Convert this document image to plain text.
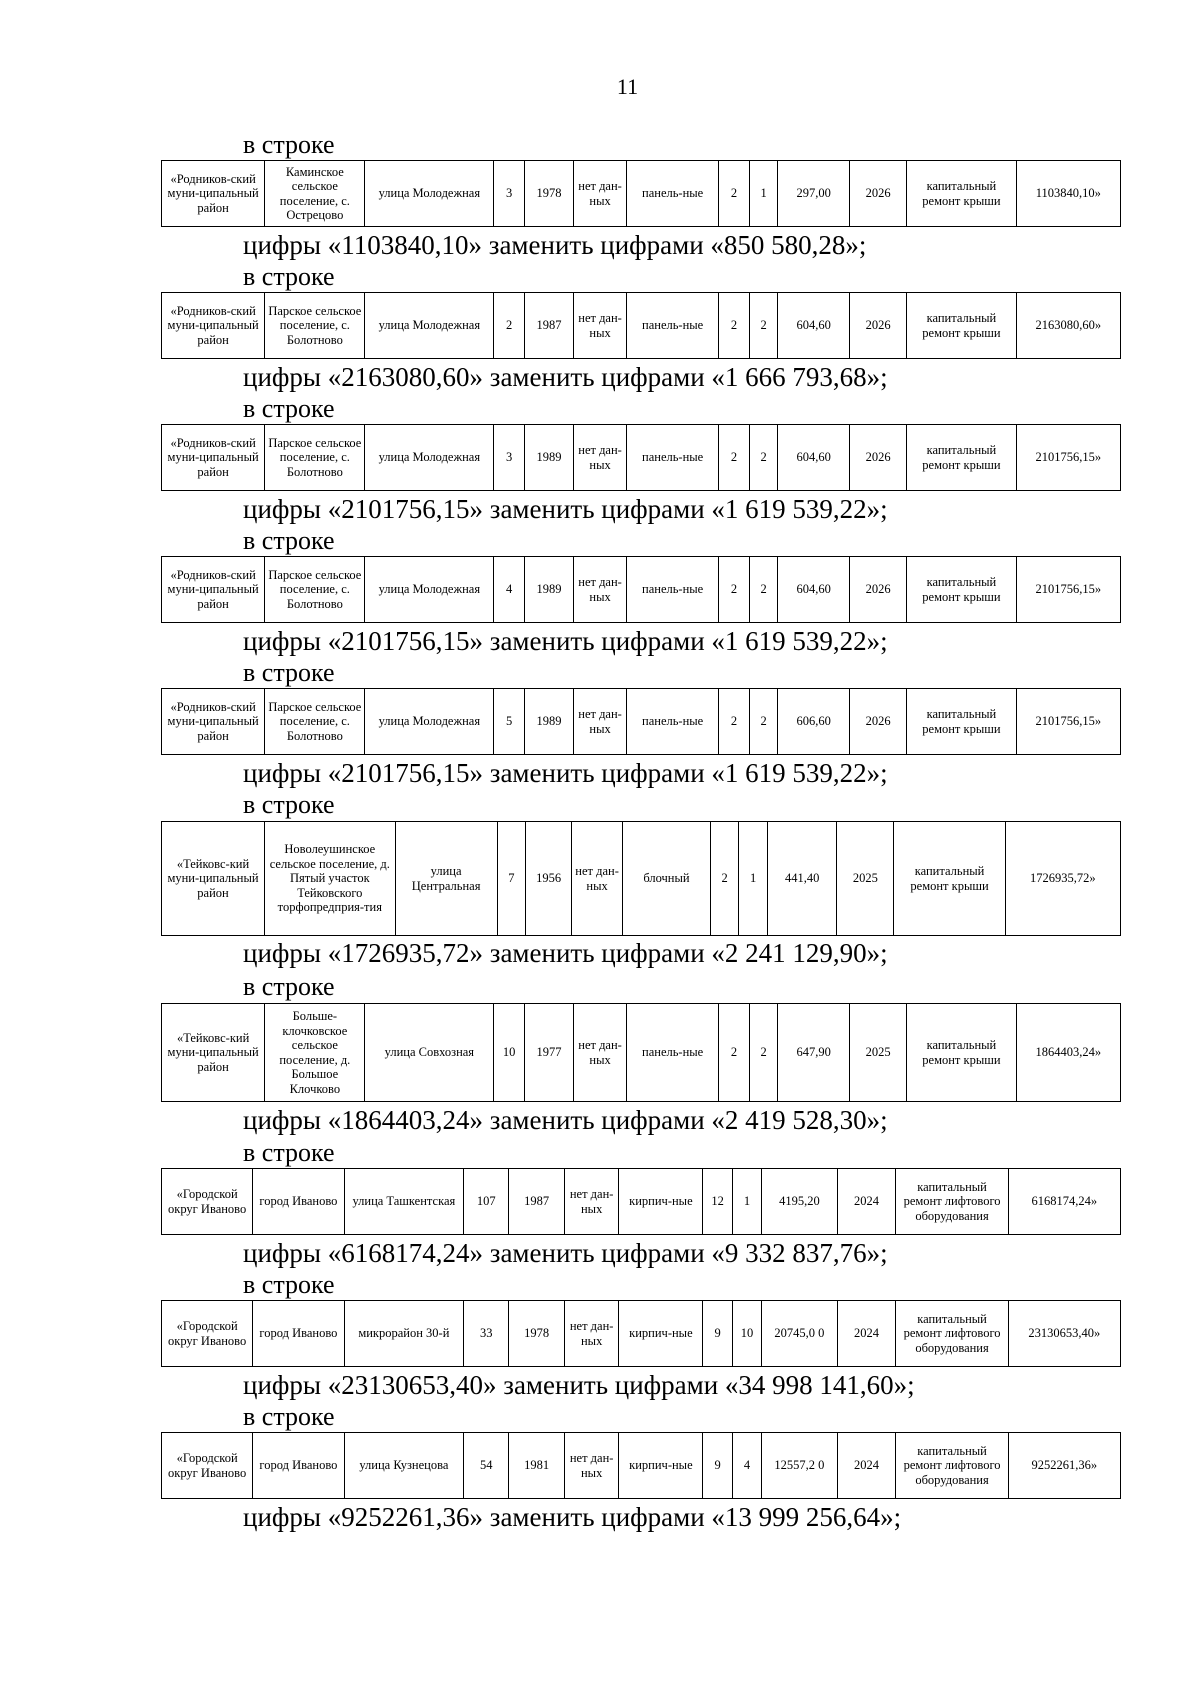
11
в строке
«Родников-ский муни-ципальный район	Каминское сельское поселение, с. Острецово	улица Молодежная	3	1978	нет дан-ных	панель-ные	2	1	297,00	2026	капитальный ремонт крыши	1103840,10»
цифры «1103840,10» заменить цифрами «850 580,28»;
в строке
«Родников-ский муни-ципальный район	Парское сельское поселение, с. Болотново	улица Молодежная	2	1987	нет дан-ных	панель-ные	2	2	604,60	2026	капитальный ремонт крыши	2163080,60»
цифры «2163080,60» заменить цифрами «1 666 793,68»;
в строке
«Родников-ский муни-ципальный район	Парское сельское поселение, с. Болотново	улица Молодежная	3	1989	нет дан-ных	панель-ные	2	2	604,60	2026	капитальный ремонт крыши	2101756,15»
цифры «2101756,15» заменить цифрами «1 619 539,22»;
в строке
«Родников-ский муни-ципальный район	Парское сельское поселение, с. Болотново	улица Молодежная	4	1989	нет дан-ных	панель-ные	2	2	604,60	2026	капитальный ремонт крыши	2101756,15»
цифры «2101756,15» заменить цифрами «1 619 539,22»;
в строке
«Родников-ский муни-ципальный район	Парское сельское поселение, с. Болотново	улица Молодежная	5	1989	нет дан-ных	панель-ные	2	2	606,60	2026	капитальный ремонт крыши	2101756,15»
цифры «2101756,15» заменить цифрами «1 619 539,22»;
в строке
«Тейковс-кий муни-ципальный район	Новолеушинское сельское поселение, д. Пятый участок Тейковского торфопредприя-тия	улица Центральная	7	1956	нет дан-ных	блочный	2	1	441,40	2025	капитальный ремонт крыши	1726935,72»
цифры «1726935,72» заменить цифрами «2 241 129,90»;
в строке
«Тейковс-кий муни-ципальный район	Больше-клочковское сельское поселение, д. Большое Клочково	улица Совхозная	10	1977	нет дан-ных	панель-ные	2	2	647,90	2025	капитальный ремонт крыши	1864403,24»
цифры «1864403,24» заменить цифрами «2 419 528,30»;
в строке
«Городской округ Иваново	город Иваново	улица Ташкентская	107	1987	нет дан-ных	кирпич-ные	12	1	4195,20	2024	капитальный ремонт лифтового оборудования	6168174,24»
цифры «6168174,24» заменить цифрами «9 332 837,76»;
в строке
«Городской округ Иваново	город Иваново	микрорайон 30-й	33	1978	нет дан-ных	кирпич-ные	9	10	20745,0 0	2024	капитальный ремонт лифтового оборудования	23130653,40»
цифры «23130653,40» заменить цифрами «34 998 141,60»;
в строке
«Городской округ Иваново	город Иваново	улица Кузнецова	54	1981	нет дан-ных	кирпич-ные	9	4	12557,2 0	2024	капитальный ремонт лифтового оборудования	9252261,36»
цифры «9252261,36» заменить цифрами «13 999 256,64»;
